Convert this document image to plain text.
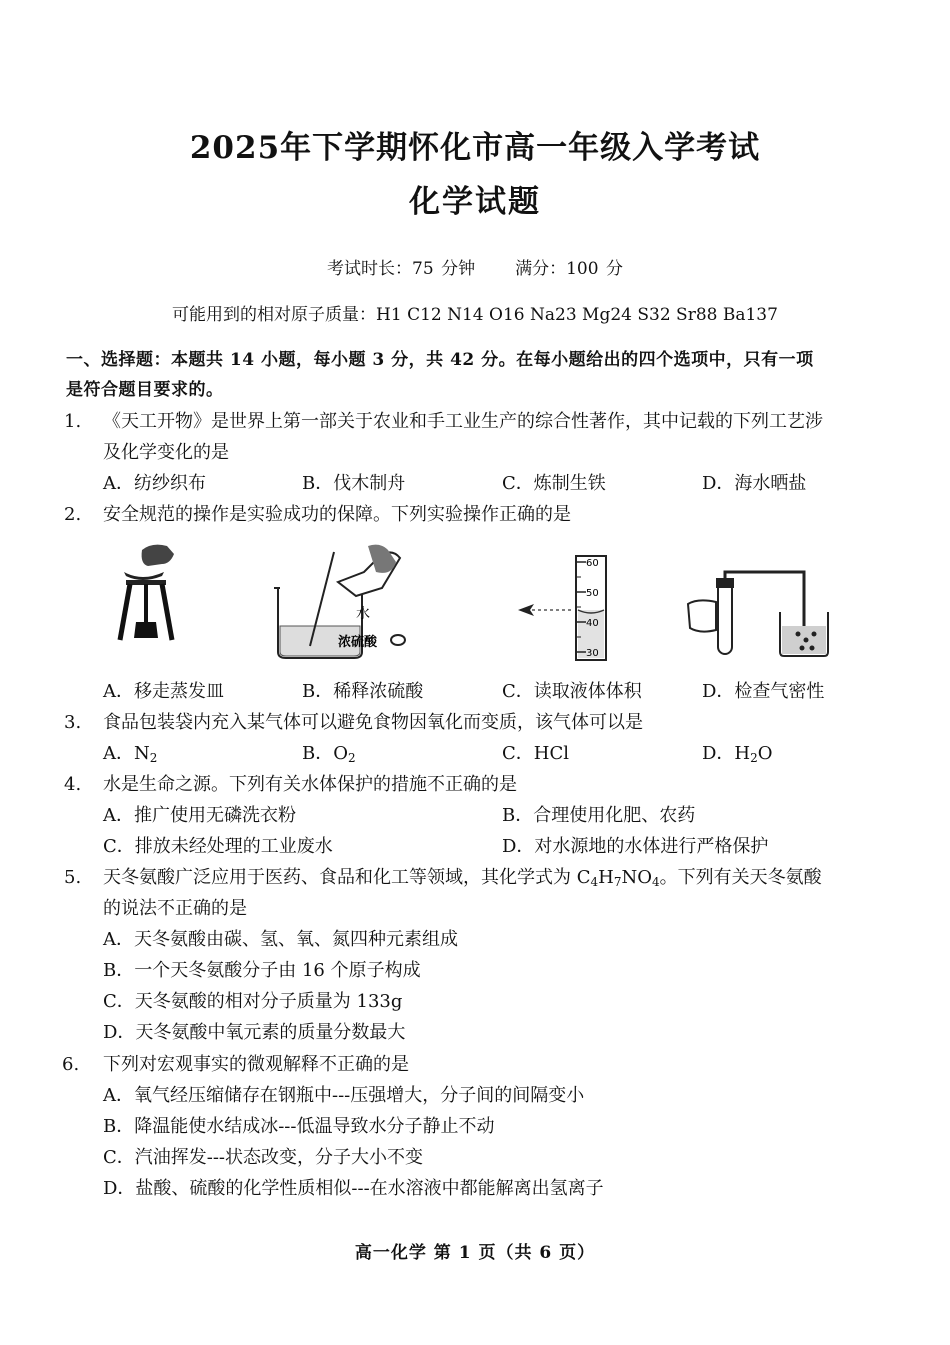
2025年下学期怀化市高一年级入学考试
化学试题
考试时长：75 分钟 满分：100 分
可能用到的相对原子质量：H1 C12 N14 O16 Na23 Mg24 S32 Sr88 Ba137
一、选择题：本题共 14 小题，每小题 3 分，共 42 分。在每小题给出的四个选项中，只有一项
是符合题目要求的。
1. 《天工开物》是世界上第一部关于农业和手工业生产的综合性著作，其中记载的下列工艺涉
及化学变化的是
A．纺纱织布	B．伐木制舟	C．炼制生铁	D．海水晒盐
2. 安全规范的操作是实验成功的保障。下列实验操作正确的是
水
浓硫酸
60
50
40
30
A．移走蒸发皿	B．稀释浓硫酸	C．读取液体体积	D．检查气密性
3. 食品包装袋内充入某气体可以避免食物因氧化而变质，该气体可以是
A．$N_2$	B．$O_2$	C．HCl	D．$H_2O$
4. 水是生命之源。下列有关水体保护的措施不正确的是
A．推广使用无磷洗衣粉	B．合理使用化肥、农药
C．排放未经处理的工业废水	D．对水源地的水体进行严格保护
5. 天冬氨酸广泛应用于医药、食品和化工等领域，其化学式为 $C_4H_7NO_4$。下列有关天冬氨酸
的说法不正确的是
A．天冬氨酸由碳、氢、氧、氮四种元素组成
B．一个天冬氨酸分子由 16 个原子构成
C．天冬氨酸的相对分子质量为 133g
D．天冬氨酸中氧元素的质量分数最大
6. 下列对宏观事实的微观解释不正确的是
A．氧气经压缩储存在钢瓶中---压强增大，分子间的间隔变小
B．降温能使水结成冰---低温导致水分子静止不动
C．汽油挥发---状态改变，分子大小不变
D．盐酸、硫酸的化学性质相似---在水溶液中都能解离出氢离子
高一化学 第 1 页（共 6 页）
